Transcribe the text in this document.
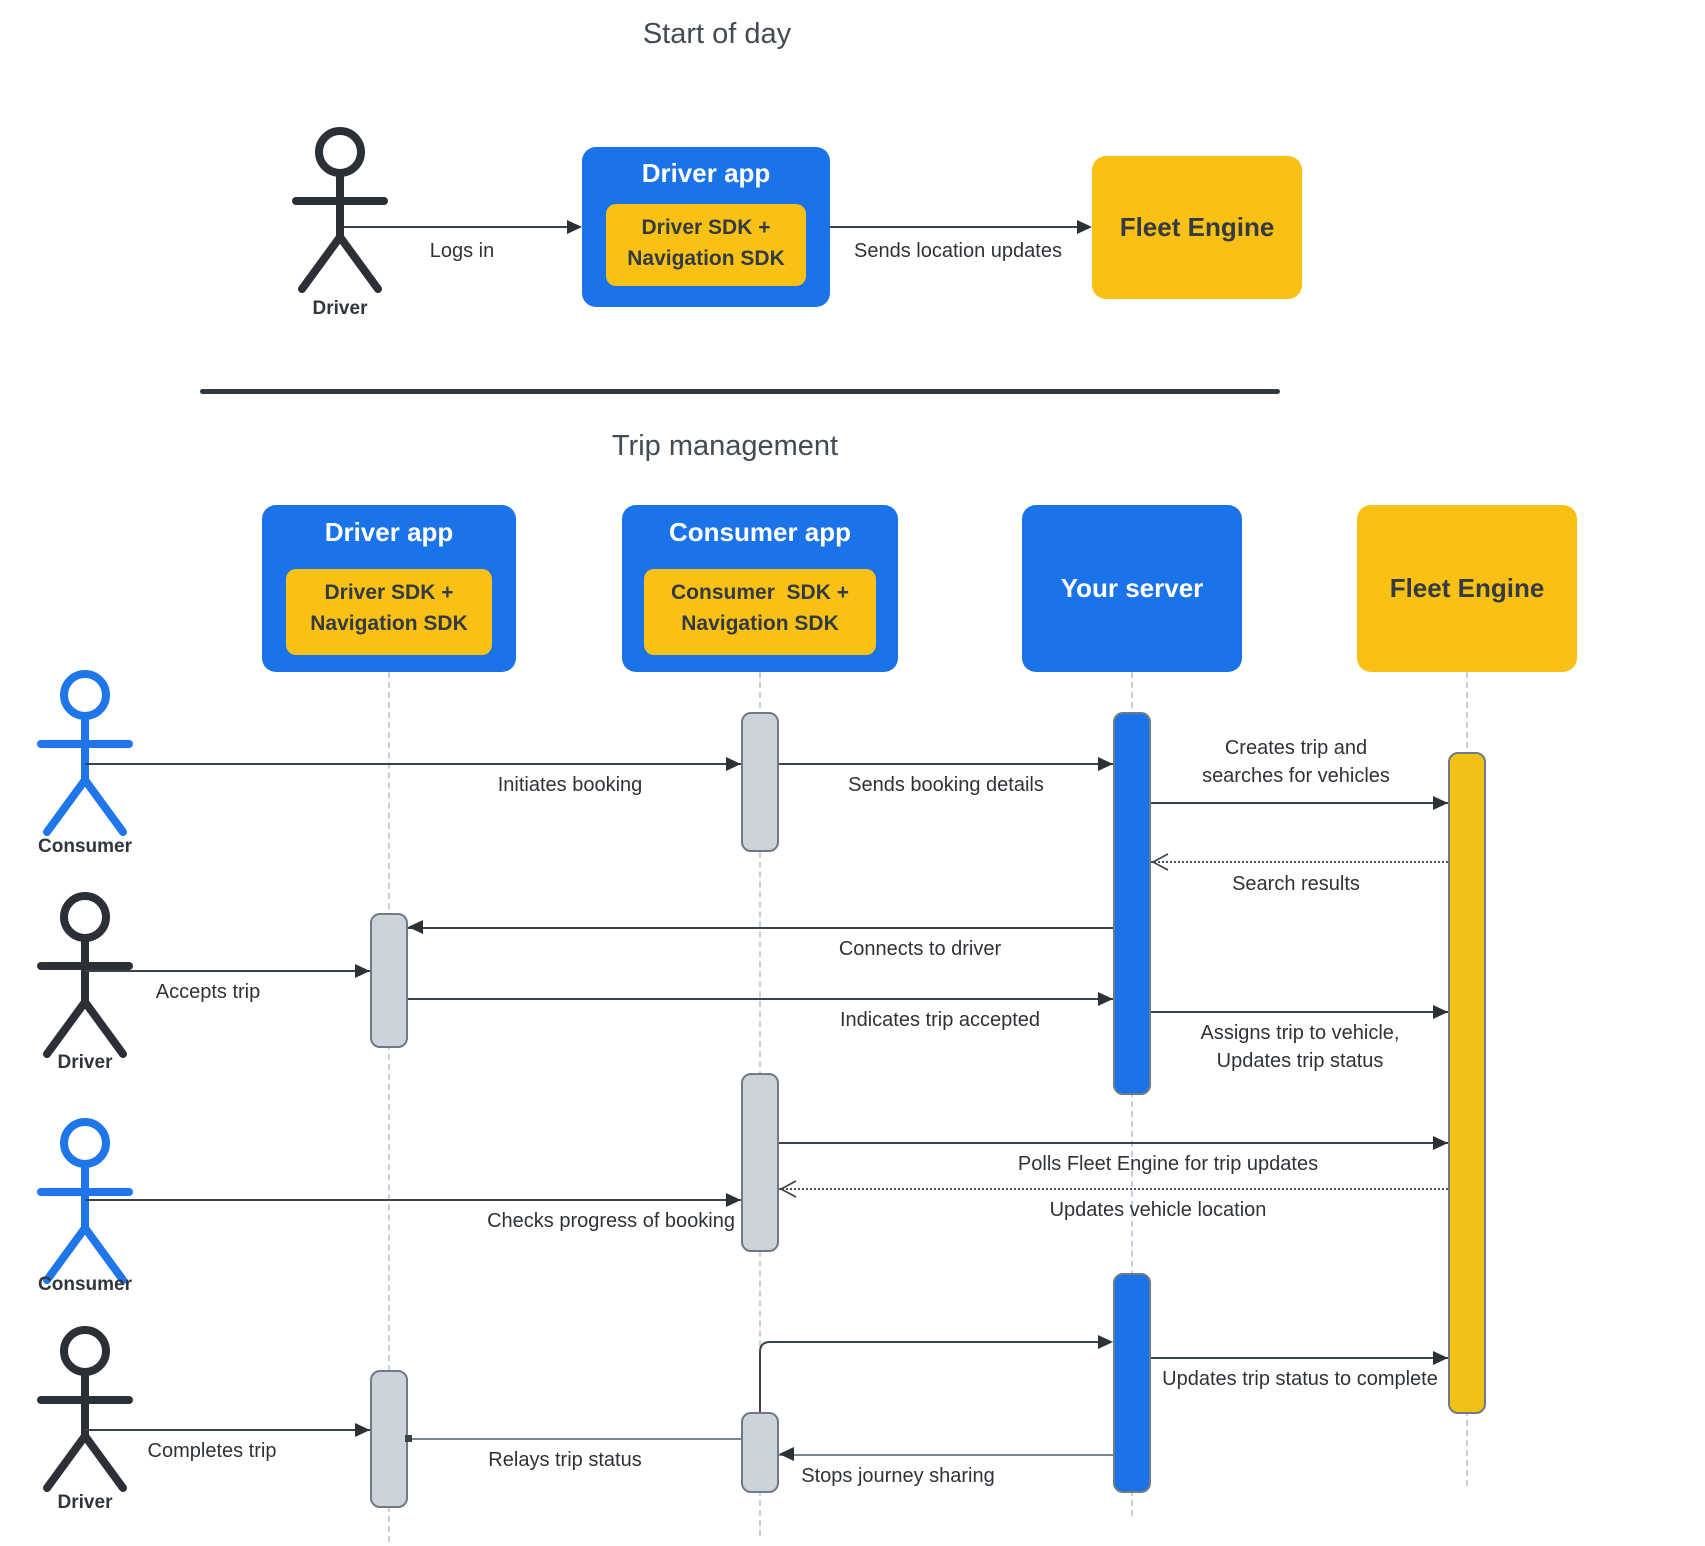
Start of day
Driver
Logs in
Driver app
Driver SDK +
Navigation SDK	Sends location updates
Fleet Engine
Trip management
Driver app
Driver SDK +
Navigation SDK
Consumer app
Consumer  SDK +
Navigation SDK
Your server	Fleet Engine
Consumer
Driver
Consumer
Driver
Initiates booking	Sends booking details
Creates trip and
searches for vehicles
Search results
Connects to driver
Accepts trip
Indicates trip accepted
Assigns trip to vehicle,
Updates trip status
Polls Fleet Engine for trip updates
Updates vehicle location
Checks progress of booking
Completes trip	Relays trip status
Stops journey sharing
Updates trip status to complete
